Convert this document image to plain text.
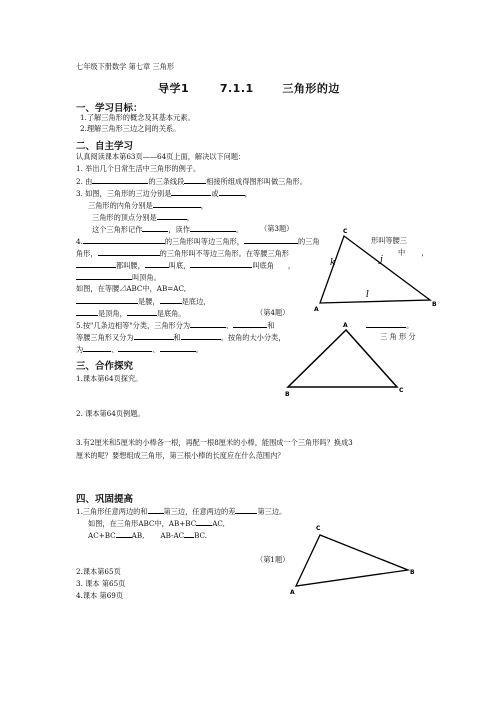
七年级下册数学 第七章 三角形
导学1	7.1.1	三角形的边
一、学习目标：
1.了解三角形的概念及其基本元素。
2.理解三角形三边之间的关系。
二、自主学习
认真阅读课本第63页——64页上面，解决以下问题：
1. 举出几个日常生活中三角形的例子。
2. 由	的三条线段	相接所组成得图形叫做三角形。
3. 如图，三角形的三边分别是	或	，
三角形的内角分别是	，
三角形的顶点分别是	，
这个三角形记作	，读作	。 （第3题）
4.	的三角形叫等边三角形，	的三角	形叫等腰三
角形，	的三角形叫不等边三角形。在等腰三角形	中 ，
都叫腰，	叫底，	叫底角 ，
叫顶角。
如图，在等腰⊿ABC中，AB=AC,
是腰，	是底边，
是顶角，	是底角。	（第4题）
5.按"几条边相等"分类，三角形分为	、	和	。
等腰三角形又分为	和	。按角的大小分类，	三 角 形 分
为	、	、	。
三、合作探究
1.课本第64页探究。
2. 课本第64页例题。
3.有2厘米和5厘米的小棒各一根，再配一根8厘米的小棒，能围成一个三角形吗？换成3
厘米的呢？要想组成三角形，第三根小棒的长度应在什么范围内？
四、巩固提高
1.三角形任意两边的和 第三边，任意两边的差	第三边。
如图，在三角形ABC中，AB+BC AC,
AC+BC AB, AB-AC BC.
（第1题）
2.课本第65页
3. 课本 第65页
4.课本 第69页
C
A
B
k	j
l
A
B
C
C
A
B
